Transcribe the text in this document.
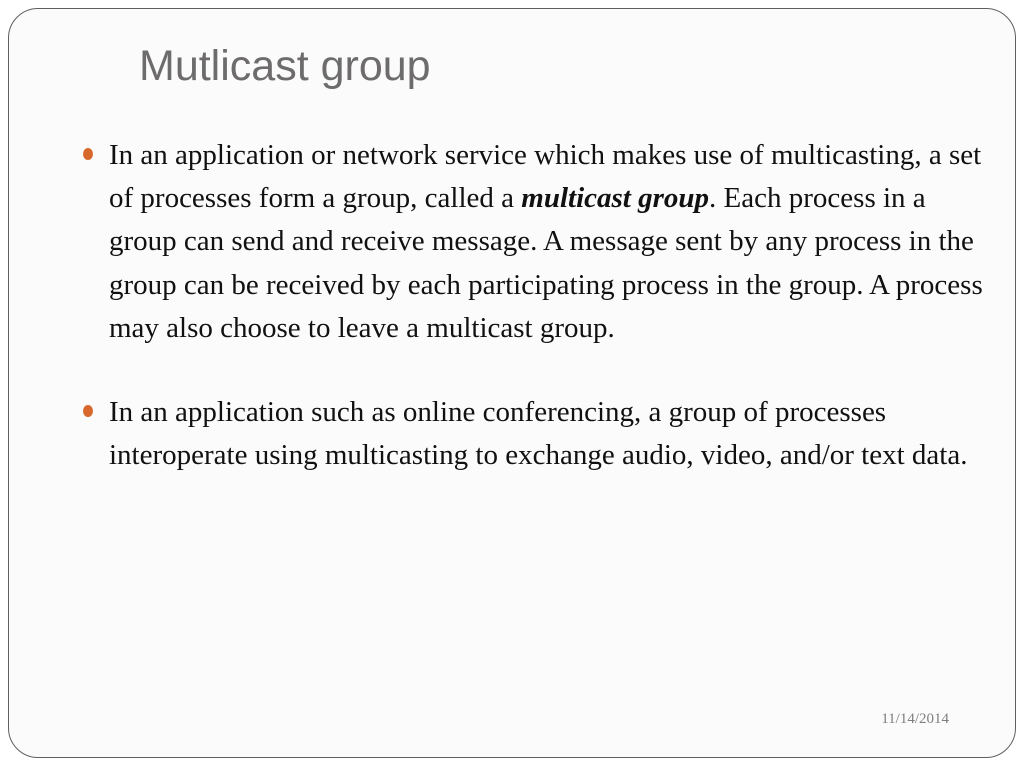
Mutlicast group
In an application or network service which makes use of multicasting, a set of processes form a group, called a multicast group. Each process in a group can send and receive message. A message sent by any process in the group can be received by each participating process in the group. A process may also choose to leave a multicast group.
In an application such as online conferencing, a group of processes interoperate using multicasting to exchange audio, video, and/or text data.
11/14/2014
